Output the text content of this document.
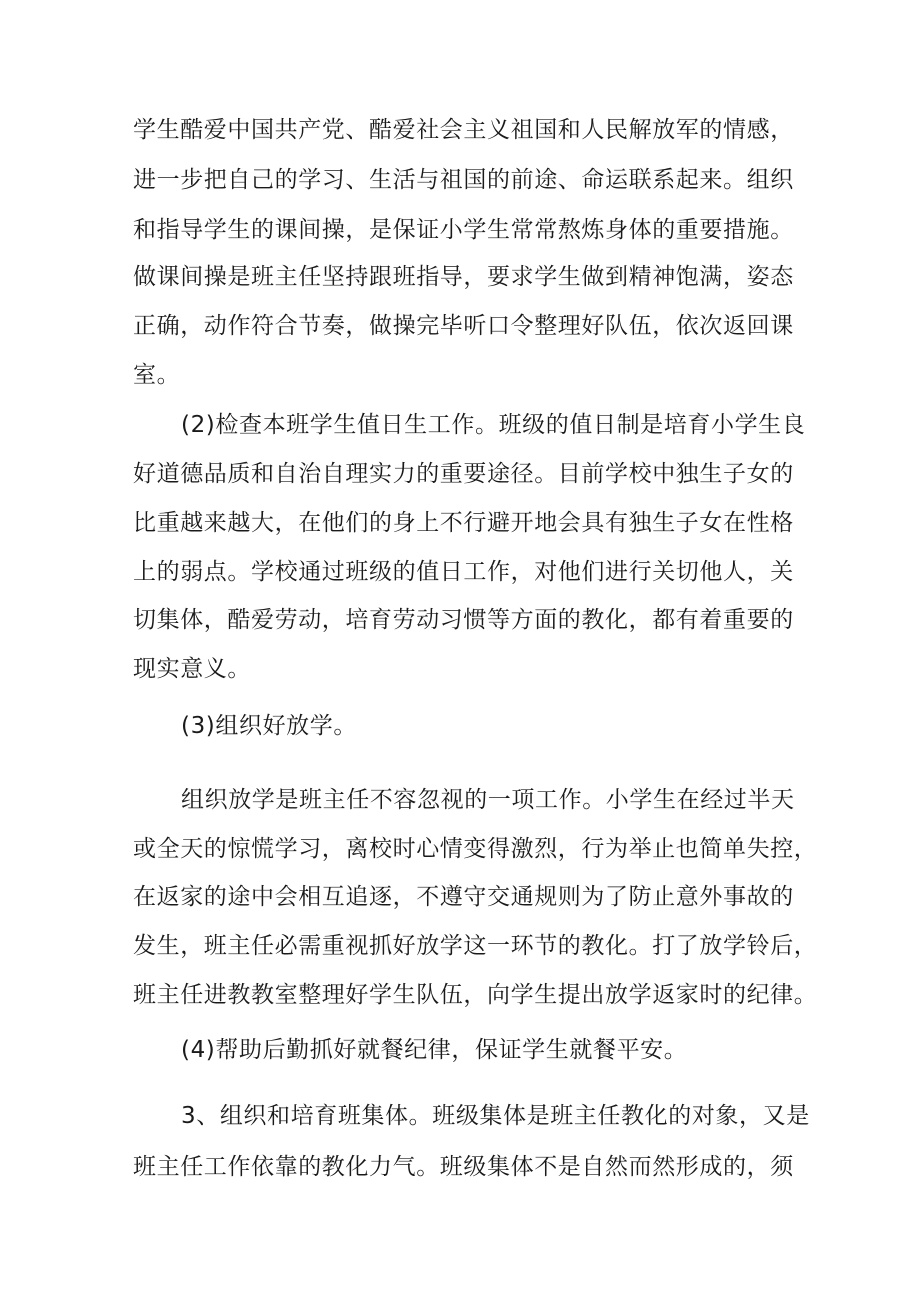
学生酷爱中国共产党、酷爱社会主义祖国和人民解放军的情感，
进一步把自己的学习、生活与祖国的前途、命运联系起来。组织
和指导学生的课间操，是保证小学生常常熬炼身体的重要措施。
做课间操是班主任坚持跟班指导，要求学生做到精神饱满，姿态
正确，动作符合节奏，做操完毕听口令整理好队伍，依次返回课
室。
(2)检查本班学生值日生工作。班级的值日制是培育小学生良
好道德品质和自治自理实力的重要途径。目前学校中独生子女的
比重越来越大，在他们的身上不行避开地会具有独生子女在性格
上的弱点。学校通过班级的值日工作，对他们进行关切他人，关
切集体，酷爱劳动，培育劳动习惯等方面的教化，都有着重要的
现实意义。
(3)组织好放学。
组织放学是班主任不容忽视的一项工作。小学生在经过半天
或全天的惊慌学习，离校时心情变得激烈，行为举止也简单失控，
在返家的途中会相互追逐，不遵守交通规则为了防止意外事故的
发生，班主任必需重视抓好放学这一环节的教化。打了放学铃后，
班主任进教教室整理好学生队伍，向学生提出放学返家时的纪律。
(4)帮助后勤抓好就餐纪律，保证学生就餐平安。
3、组织和培育班集体。班级集体是班主任教化的对象，又是
班主任工作依靠的教化力气。班级集体不是自然而然形成的，须
